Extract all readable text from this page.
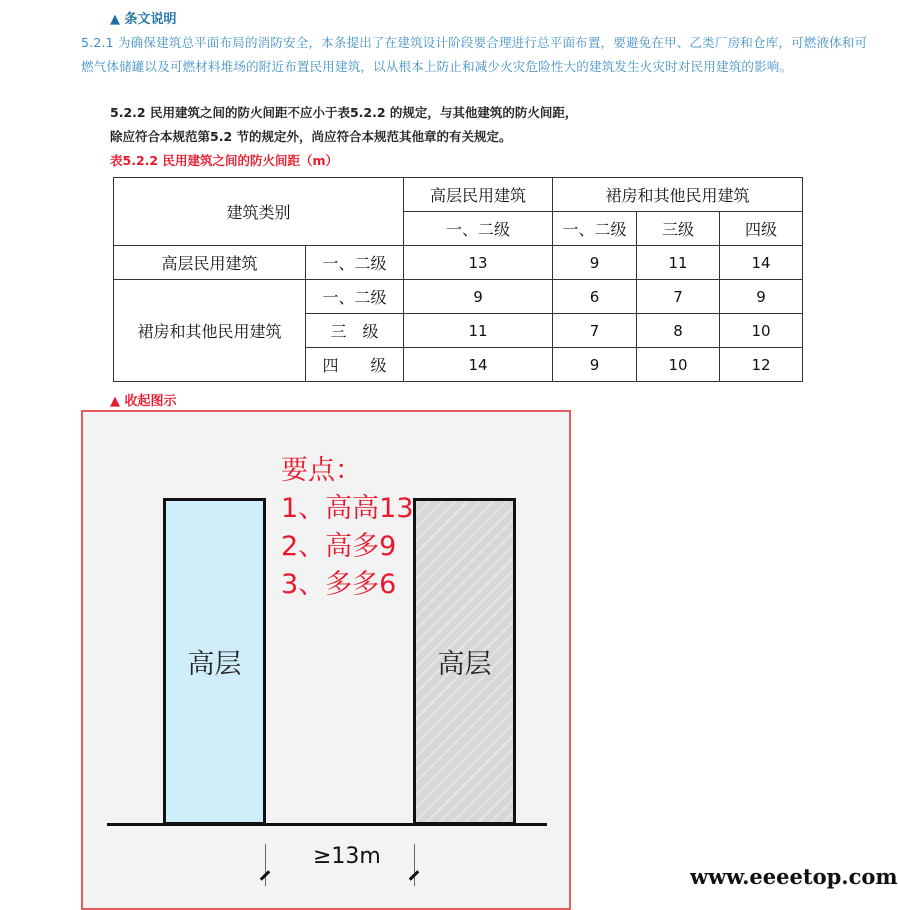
▲ 条文说明
5.2.1 为确保建筑总平面布局的消防安全，本条提出了在建筑设计阶段要合理进行总平面布置，要避免在甲、乙类厂房和仓库，可燃液体和可燃气体储罐以及可燃材料堆场的附近布置民用建筑，以从根本上防止和减少火灾危险性大的建筑发生火灾时对民用建筑的影响。
5.2.2 民用建筑之间的防火间距不应小于表5.2.2 的规定，与其他建筑的防火间距，
除应符合本规范第5.2 节的规定外，尚应符合本规范其他章的有关规定。
表5.2.2 民用建筑之间的防火间距（m）
建筑类别		高层民用建筑	裙房和其他民用建筑		
		一、二级	一、二级	三级	四级
高层民用建筑	一、二级	13	9	11	14
裙房和其他民用建筑	一、二级	9	6	7	9
	三　级	11	7	8	10
	四　　级	14	9	10	12
▲ 收起图示
高层	高层
要点：
1、高高13
2、高多9
3、多多6
≥13m
www.eeeetop.com
